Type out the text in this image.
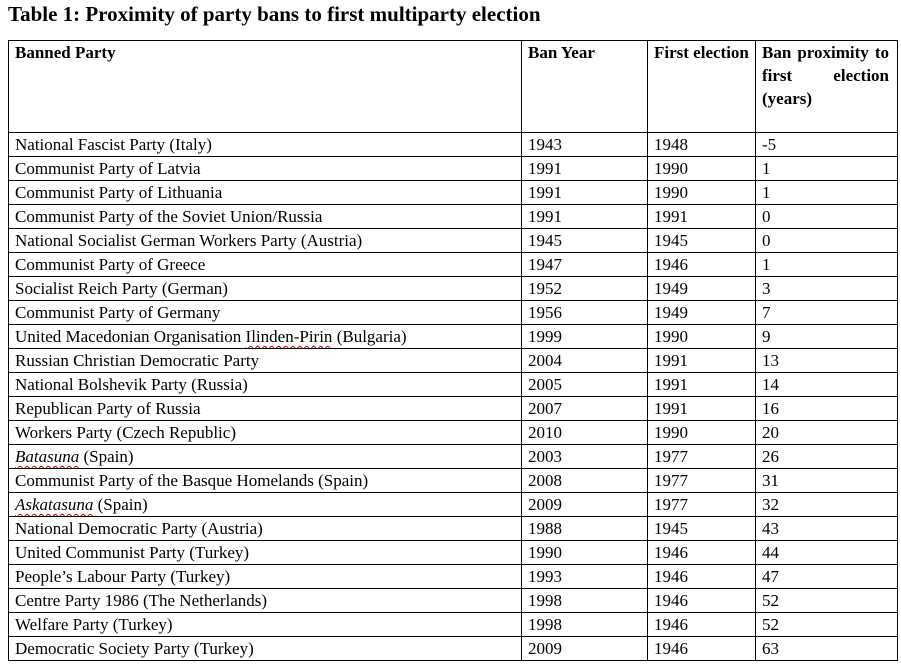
Table 1: Proximity of party bans to first multiparty election
Banned Party	Ban Year	First election	Ban proximity to first election (years)
National Fascist Party (Italy)	1943	1948	-5
Communist Party of Latvia	1991	1990	1
Communist Party of Lithuania	1991	1990	1
Communist Party of the Soviet Union/Russia	1991	1991	0
National Socialist German Workers Party (Austria)	1945	1945	0
Communist Party of Greece	1947	1946	1
Socialist Reich Party (German)	1952	1949	3
Communist Party of Germany	1956	1949	7
United Macedonian Organisation Ilinden-Pirin (Bulgaria)	1999	1990	9
Russian Christian Democratic Party	2004	1991	13
National Bolshevik Party (Russia)	2005	1991	14
Republican Party of Russia	2007	1991	16
Workers Party (Czech Republic)	2010	1990	20
Batasuna (Spain)	2003	1977	26
Communist Party of the Basque Homelands (Spain)	2008	1977	31
Askatasuna (Spain)	2009	1977	32
National Democratic Party (Austria)	1988	1945	43
United Communist Party (Turkey)	1990	1946	44
People’s Labour Party (Turkey)	1993	1946	47
Centre Party 1986 (The Netherlands)	1998	1946	52
Welfare Party (Turkey)	1998	1946	52
Democratic Society Party (Turkey)	2009	1946	63
